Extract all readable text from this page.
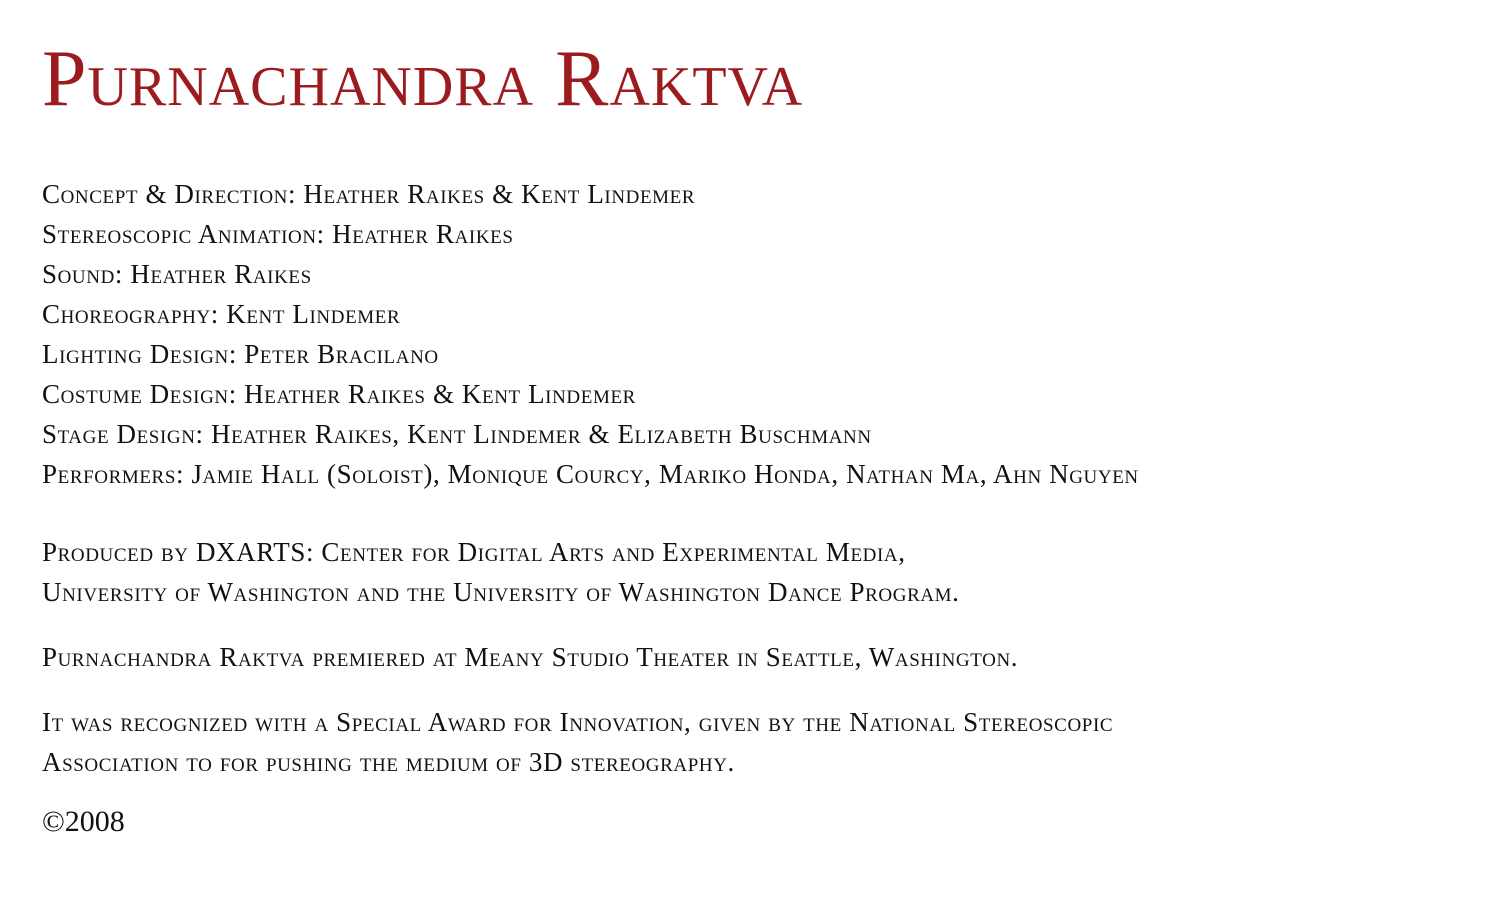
Purnachandra Raktva
Concept & Direction: Heather Raikes & Kent Lindemer
Stereoscopic Animation: Heather Raikes
Sound: Heather Raikes
Choreography: Kent Lindemer
Lighting Design: Peter Bracilano
Costume Design: Heather Raikes & Kent Lindemer
Stage Design: Heather Raikes, Kent Lindemer & Elizabeth Buschmann
Performers: Jamie Hall (Soloist), Monique Courcy, Mariko Honda, Nathan Ma, Ahn Nguyen
Produced by DXARTS: Center for Digital Arts and Experimental Media,
University of Washington and the University of Washington Dance Program.
Purnachandra Raktva premiered at Meany Studio Theater in Seattle, Washington.
It was recognized with a Special Award for Innovation, given by the National Stereoscopic
Association to for pushing the medium of 3D stereography.
©2008
